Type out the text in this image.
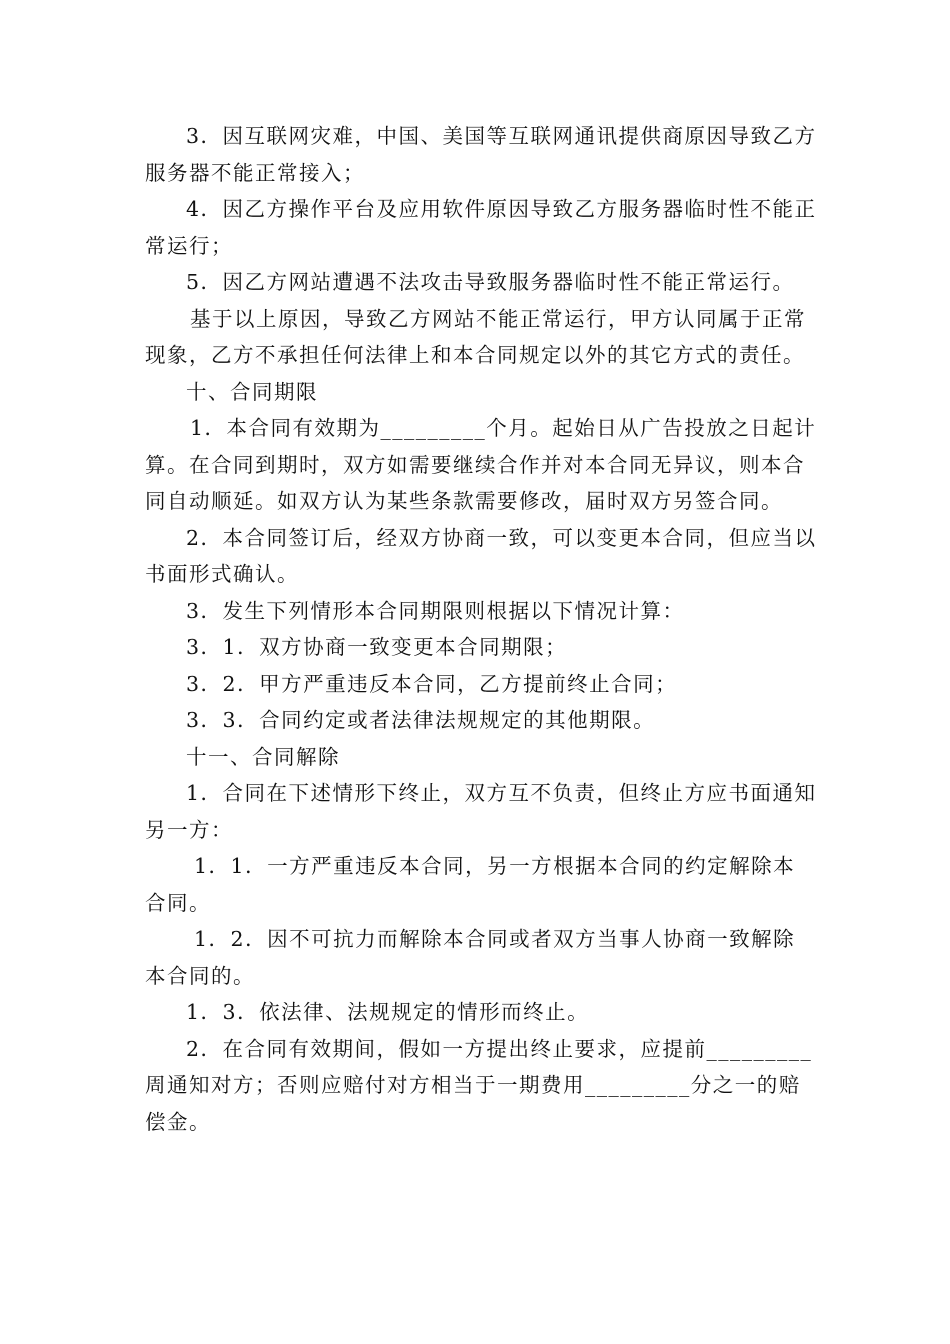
3．因互联网灾难，中国、美国等互联网通讯提供商原因导致乙方服务器不能正常接入；

4．因乙方操作平台及应用软件原因导致乙方服务器临时性不能正常运行；

5．因乙方网站遭遇不法攻击导致服务器临时性不能正常运行。

基于以上原因，导致乙方网站不能正常运行，甲方认同属于正常现象，乙方不承担任何法律上和本合同规定以外的其它方式的责任。

十、合同期限

1．本合同有效期为_________个月。起始日从广告投放之日起计算。在合同到期时，双方如需要继续合作并对本合同无异议，则本合同自动顺延。如双方认为某些条款需要修改，届时双方另签合同。

2．本合同签订后，经双方协商一致，可以变更本合同，但应当以书面形式确认。

3．发生下列情形本合同期限则根据以下情况计算：

3．1．双方协商一致变更本合同期限；

3．2．甲方严重违反本合同，乙方提前终止合同；

3．3．合同约定或者法律法规规定的其他期限。

十一、合同解除

1．合同在下述情形下终止，双方互不负责，但终止方应书面通知另一方：

1．1．一方严重违反本合同，另一方根据本合同的约定解除本合同。

1．2．因不可抗力而解除本合同或者双方当事人协商一致解除本合同的。

1．3．依法律、法规规定的情形而终止。

2．在合同有效期间，假如一方提出终止要求，应提前_________周通知对方；否则应赔付对方相当于一期费用_________分之一的赔偿金。
